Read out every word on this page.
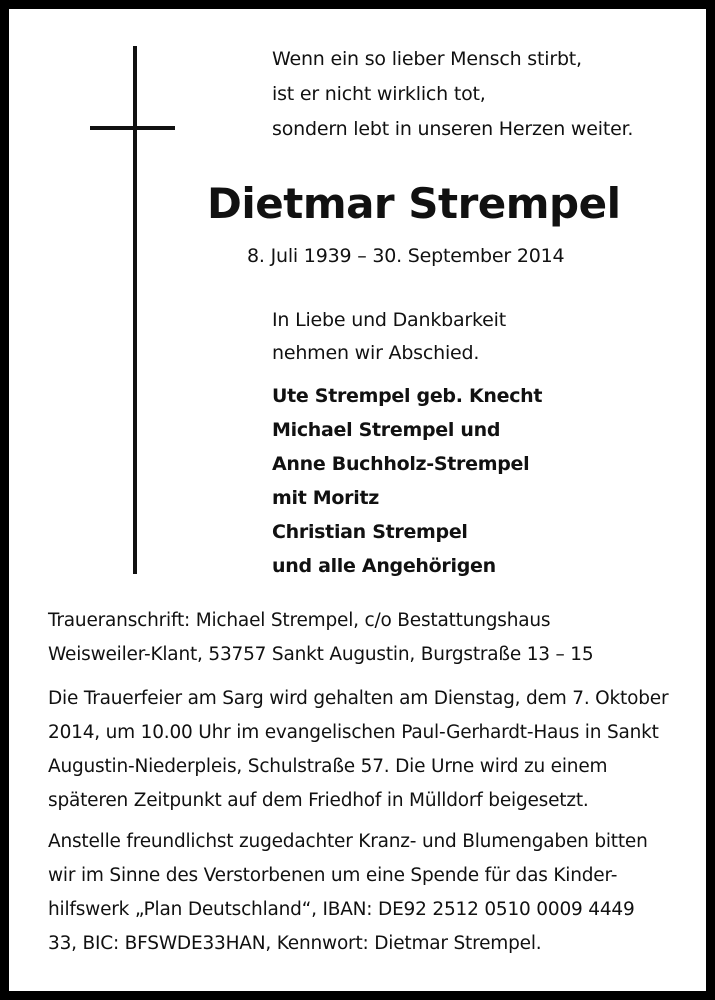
Wenn ein so lieber Mensch stirbt,
ist er nicht wirklich tot,
sondern lebt in unseren Herzen weiter.
Dietmar Strempel
8. Juli 1939 – 30. September 2014
In Liebe und Dankbarkeit
nehmen wir Abschied.
Ute Strempel geb. Knecht
Michael Strempel und
Anne Buchholz-Strempel
mit Moritz
Christian Strempel
und alle Angehörigen
Traueranschrift: Michael Strempel, c/o Bestattungshaus
Weisweiler-Klant, 53757 Sankt Augustin, Burgstraße 13 – 15
Die Trauerfeier am Sarg wird gehalten am Dienstag, dem 7. Oktober
2014, um 10.00 Uhr im evangelischen Paul-Gerhardt-Haus in Sankt
Augustin-Niederpleis, Schulstraße 57. Die Urne wird zu einem
späteren Zeitpunkt auf dem Friedhof in Mülldorf beigesetzt.
Anstelle freundlichst zugedachter Kranz- und Blumengaben bitten
wir im Sinne des Verstorbenen um eine Spende für das Kinder-
hilfswerk „Plan Deutschland“, IBAN: DE92 2512 0510 0009 4449
33, BIC: BFSWDE33HAN, Kennwort: Dietmar Strempel.
